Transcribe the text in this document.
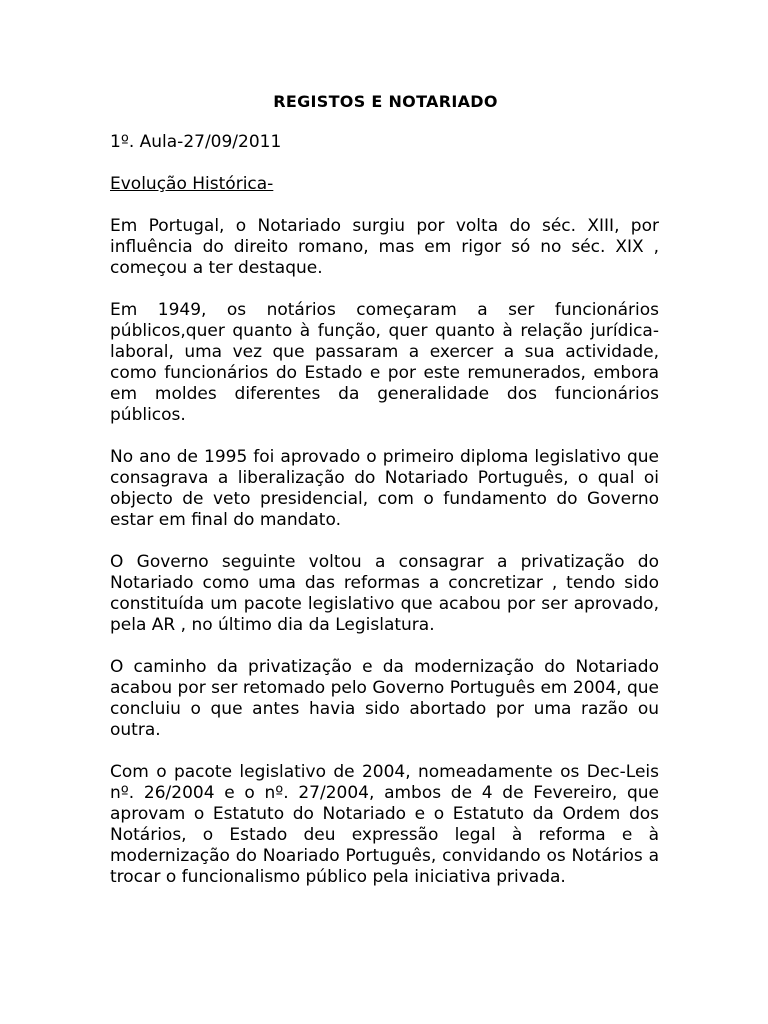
REGISTOS E NOTARIADO

1º. Aula-27/09/2011

Evolução Histórica-

Em Portugal, o Notariado surgiu por volta do séc. XIII, por influência do direito romano, mas em rigor só no séc. XIX , começou a ter destaque.

Em 1949, os notários começaram a ser funcionários públicos,quer quanto à função, quer quanto à relação jurídica-laboral, uma vez que passaram a exercer a sua actividade, como funcionários do Estado e por este remunerados, embora em moldes diferentes da generalidade dos funcionários públicos.

No ano de 1995 foi aprovado o primeiro diploma legislativo que consagrava a liberalização do Notariado Português, o qual oi objecto de veto presidencial, com o fundamento do Governo estar em final do mandato.

O Governo seguinte voltou a consagrar a privatização do Notariado como uma das reformas a concretizar , tendo sido constituída um pacote legislativo que acabou por ser aprovado, pela AR , no último dia da Legislatura.

O caminho da privatização e da modernização do Notariado acabou por ser retomado pelo Governo Português em 2004, que concluiu o que antes havia sido abortado por uma razão ou outra.

Com o pacote legislativo de 2004, nomeadamente os Dec-Leis nº. 26/2004 e o nº. 27/2004, ambos de 4 de Fevereiro, que aprovam o Estatuto do Notariado e o Estatuto da Ordem dos Notários, o Estado deu expressão legal à reforma e à modernização do Noariado Português, convidando os Notários a trocar o funcionalismo público pela iniciativa privada.
